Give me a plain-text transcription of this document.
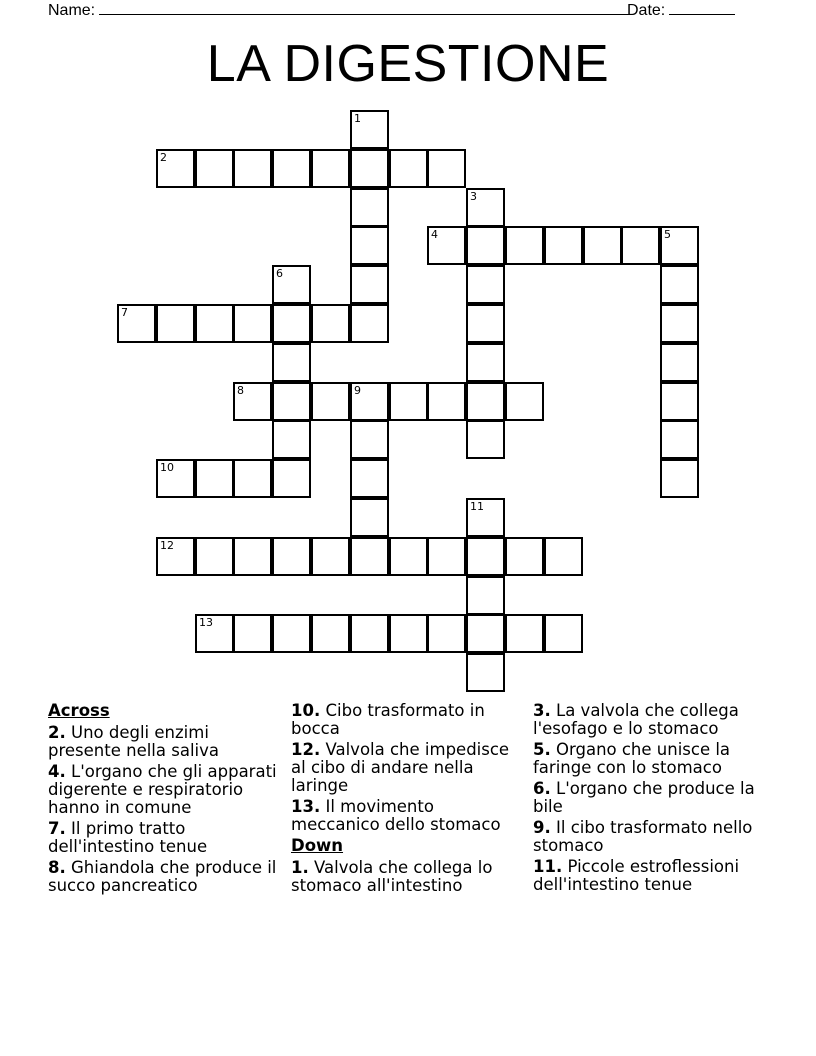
Name:	Date:
LA DIGESTIONE
1
2
3
4	5
6
7
8	9
10
11
12
13
Across
2. Uno degli enzimi presente nella saliva
4. L'organo che gli apparati digerente e respiratorio hanno in comune
7. Il primo tratto dell'intestino tenue
8. Ghiandola che produce il succo pancreatico
10. Cibo trasformato in bocca
12. Valvola che impedisce al cibo di andare nella laringe
13. Il movimento meccanico dello stomaco
Down
1. Valvola che collega lo stomaco all'intestino
3. La valvola che collega l'esofago e lo stomaco
5. Organo che unisce la faringe con lo stomaco
6. L'organo che produce la bile
9. Il cibo trasformato nello stomaco
11. Piccole estroflessioni dell'intestino tenue
